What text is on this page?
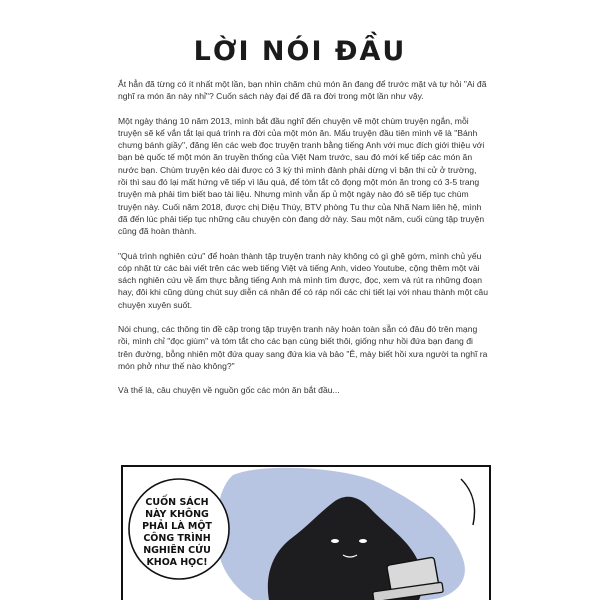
LỜI NÓI ĐẦU

Ắt hẳn đã từng có ít nhất một lần, bạn nhìn chăm chú món ăn đang để trước mặt và tự hỏi "Ai đã nghĩ ra món ăn này nhỉ"? Cuốn sách này đại để đã ra đời trong một lần như vậy.

Một ngày tháng 10 năm 2013, mình bắt đầu nghĩ đến chuyện vẽ một chùm truyện ngắn, mỗi truyện sẽ kể vắn tắt lại quá trình ra đời của một món ăn. Mẩu truyện đầu tiên mình vẽ là "Bánh chưng bánh giầy", đăng lên các web đọc truyện tranh bằng tiếng Anh với mục đích giới thiệu với bạn bè quốc tế một món ăn truyền thống của Việt Nam trước, sau đó mới kể tiếp các món ăn nước bạn. Chùm truyện kéo dài được có 3 kỳ thì mình đành phải dừng vì bận thi cử ở trường, rồi thì sau đó lại mất hứng vẽ tiếp vì lâu quá, để tóm tắt cô đọng một món ăn trong có 3-5 trang truyện mà phải tìm biết bao tài liệu. Nhưng mình vẫn ấp ủ một ngày nào đó sẽ tiếp tục chùm truyện này. Cuối năm 2018, được chị Diệu Thúy, BTV phòng Tu thư của Nhã Nam liên hệ, mình đã đến lúc phải tiếp tục những câu chuyện còn đang dở này. Sau một năm, cuối cùng tập truyện cũng đã hoàn thành.

"Quá trình nghiên cứu" để hoàn thành tập truyện tranh này không có gì ghê gớm, mình chủ yếu cóp nhặt từ các bài viết trên các web tiếng Việt và tiếng Anh, video Youtube, cộng thêm một vài sách nghiên cứu về ẩm thực bằng tiếng Anh mà mình tìm được, đọc, xem và rút ra những đoạn hay, đôi khi cũng dùng chút suy diễn cá nhân để có ráp nối các chi tiết lại với nhau thành một câu chuyện xuyên suốt.

Nói chung, các thông tin đề cập trong tập truyện tranh này hoàn toàn sẵn có đâu đó trên mạng rồi, mình chỉ "đọc giùm" và tóm tắt cho các bạn cùng biết thôi, giống như hồi đứa bạn đang đi trên đường, bỗng nhiên một đứa quay sang đứa kia và bảo "Ê, mày biết hồi xưa người ta nghĩ ra món phở như thế nào không?"

Và thế là, câu chuyện về nguồn gốc các món ăn bắt đầu...

CUỐN SÁCH
NÀY KHÔNG
PHẢI LÀ MỘT
CÔNG TRÌNH
NGHIÊN CỨU
KHOA HỌC!
